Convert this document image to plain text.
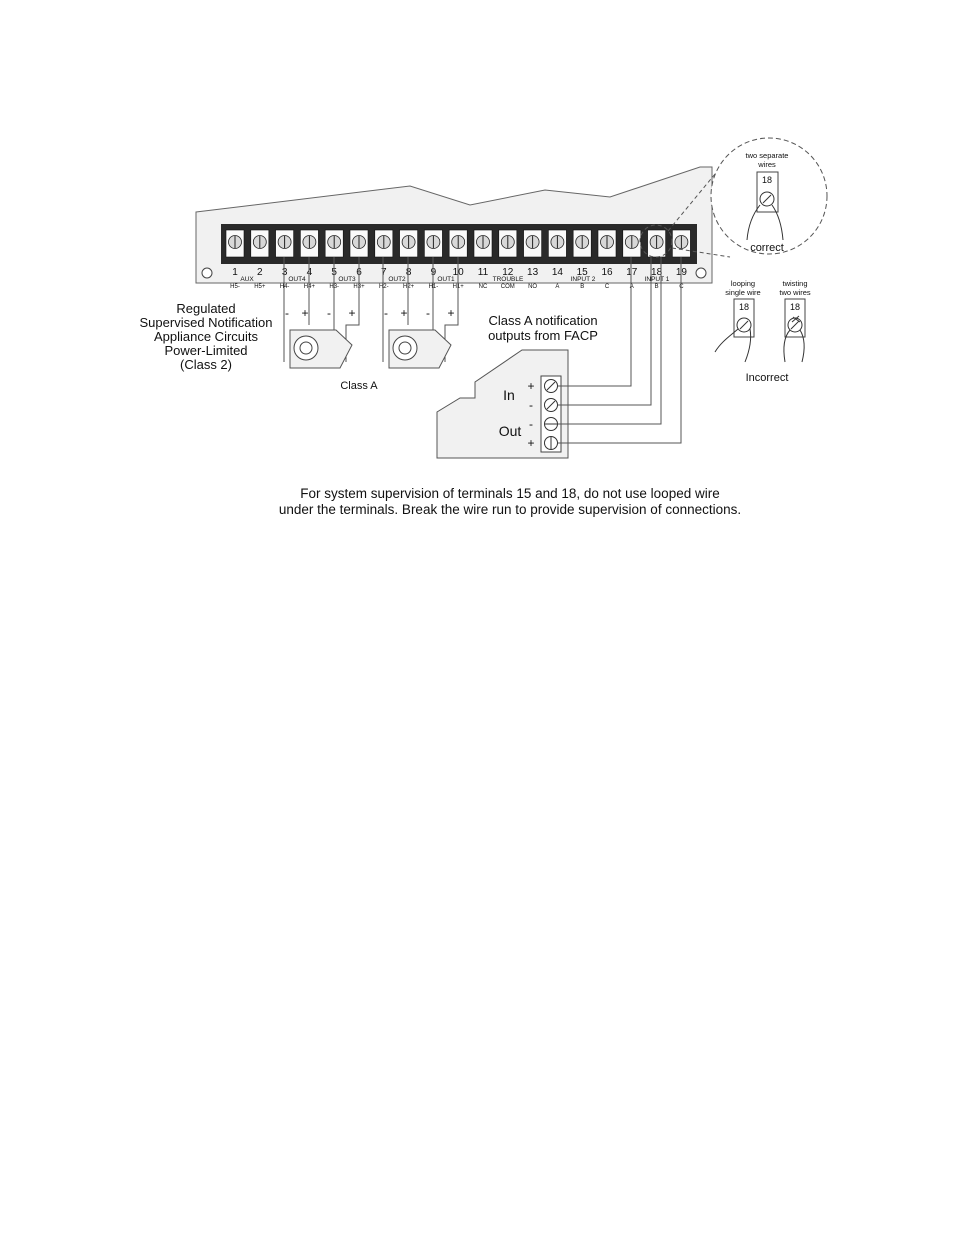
1 2 3 4 5 6 7 8 9 10 11 12 13 14 15 16 17 18 19
H5- H5+ H4- H4+ H3- H3+ H2- H2+ H1- H1+ NC COM NO	A	B	C	A	B	C
AUX	OUT4	OUT3	OUT2	OUT1	TROUBLE	INPUT 2	INPUT 1
- + - + - + - +
Regulated
Supervised Notification
Appliance Circuits
Power-Limited
(Class 2)
Class A
Class A notification
outputs from FACP
In
Out
+
-
-
+
two separate
wires
18
correct
looping
single wire
18
twisting
two wires
18
Incorrect
For system supervision of terminals 15 and 18, do not use looped wire
under the terminals. Break the wire run to provide supervision of connections.
